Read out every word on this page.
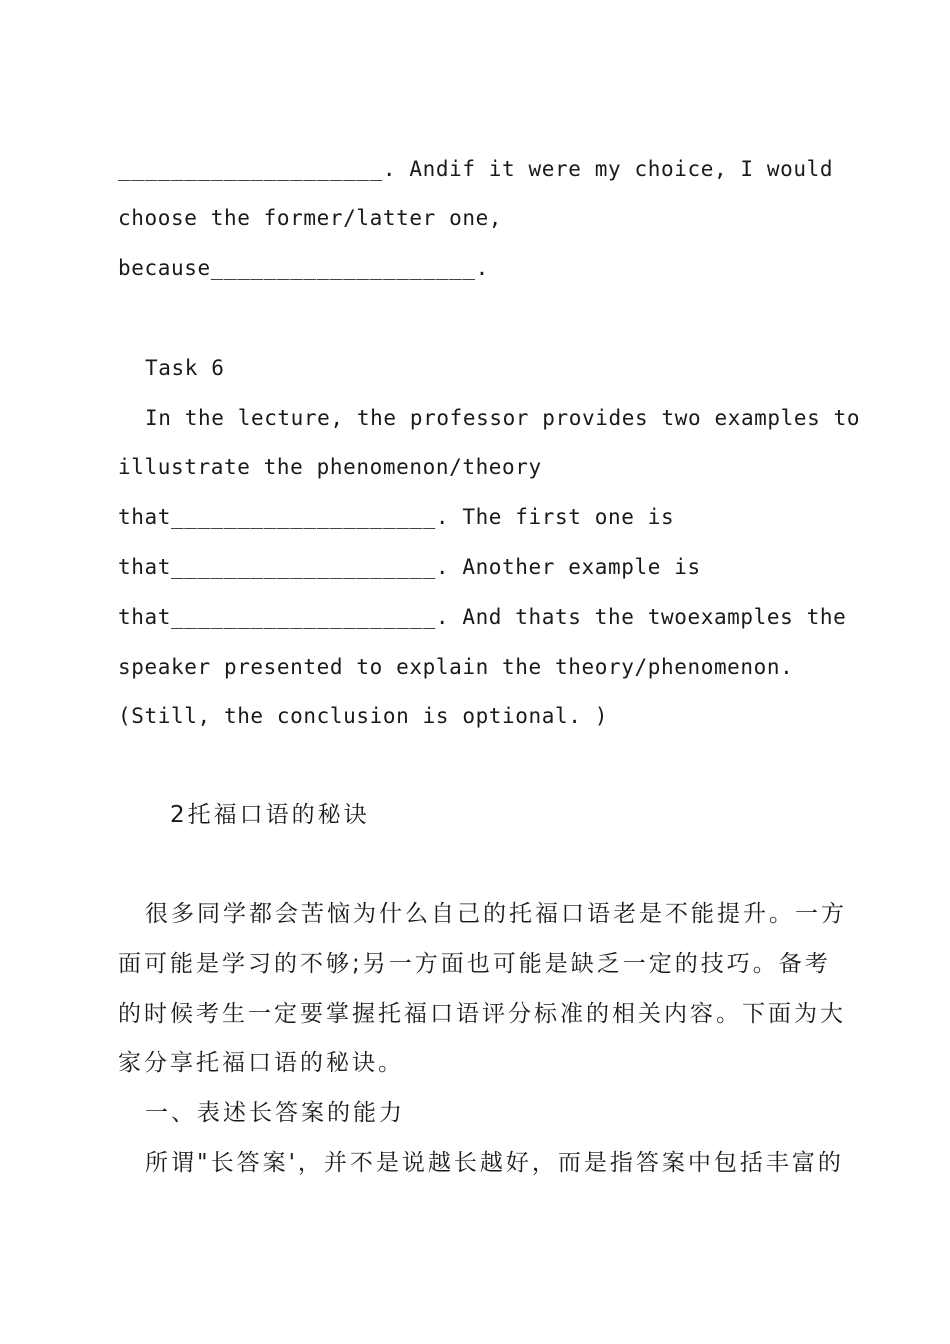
____________________. Andif it were my choice, I would
choose the former/latter one,
because____________________.
Task 6
In the lecture, the professor provides two examples to
illustrate the phenomenon/theory
that____________________. The first one is
that____________________. Another example is
that____________________. And thats the twoexamples the
speaker presented to explain the theory/phenomenon.
(Still, the conclusion is optional. )
2托福口语的秘诀
很多同学都会苦恼为什么自己的托福口语老是不能提升。一方
面可能是学习的不够;另一方面也可能是缺乏一定的技巧。备考
的时候考生一定要掌握托福口语评分标准的相关内容。下面为大
家分享托福口语的秘诀。
一、表述长答案的能力
所谓"长答案'，并不是说越长越好，而是指答案中包括丰富的
